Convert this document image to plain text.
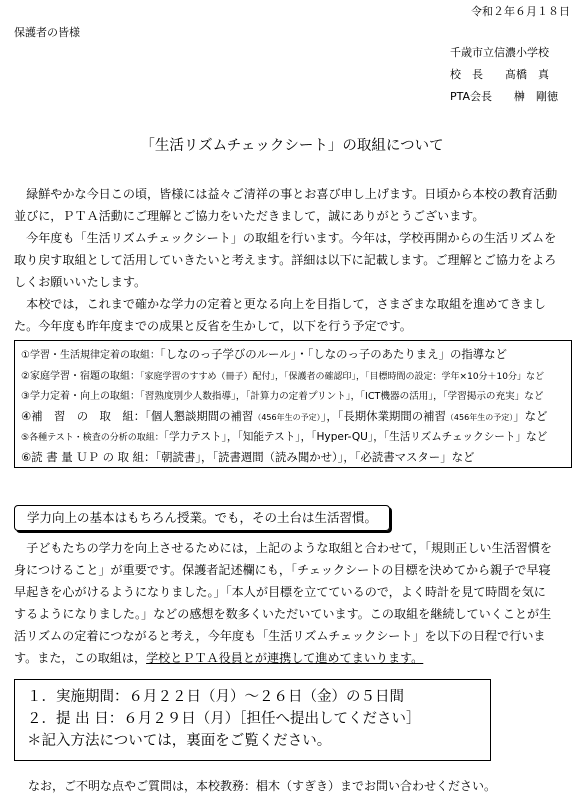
令和２年６月１８日
保護者の皆様
千歳市立信濃小学校
校　長　　髙橋　真
PTA会長　　榊　剛徳
「生活リズムチェックシート」の取組について
緑鮮やかな今日この頃，皆様には益々ご清祥の事とお喜び申し上げます。日頃から本校の教育活動
並びに，ＰＴＡ活動にご理解とご協力をいただきまして，誠にありがとうございます。
今年度も「生活リズムチェックシート」の取組を行います。今年は，学校再開からの生活リズムを
取り戻す取組として活用していきたいと考えます。詳細は以下に記載します。ご理解とご協力をよろ
しくお願いいたします。
本校では，これまで確かな学力の定着と更なる向上を目指して，さまざまな取組を進めてきまし
た。今年度も昨年度までの成果と反省を生かして，以下を行う予定です。
①学習・生活規律定着の取組：「しなのっ子学びのルール」・「しなのっ子のあたりまえ」の指導など
②家庭学習・宿題の取組：「家庭学習のすすめ（冊子）配付」，「保護者の確認印」，「目標時間の設定：学年×10分＋10分」など
③学力定着・向上の取組：「習熟度別少人数指導」，「計算力の定着プリント」，「ICT機器の活用」，「学習掲示の充実」など
④補　習　の　取　組：「個人懇談期間の補習（456年生の予定）」，「長期休業期間の補習（456年生の予定）」など
⑤各種テスト・検査の分析の取組：「学力テスト」，「知能テスト」，「Hyper-QU」，「生活リズムチェックシート」など
⑥読 書 量 ＵＰ の 取 組：「朝読書」，「読書週間（読み聞かせ）」，「必読書マスター」など
学力向上の基本はもちろん授業。でも，その土台は生活習慣。
子どもたちの学力を向上させるためには，上記のような取組と合わせて，「規則正しい生活習慣を
身につけること」が重要です。保護者記述欄にも，「チェックシートの目標を決めてから親子で早寝
早起きを心がけるようになりました。」「本人が目標を立てているので，よく時計を見て時間を気に
するようになりました。」などの感想を数多くいただいています。この取組を継続していくことが生
活リズムの定着につながると考え，今年度も「生活リズムチェックシート」を以下の日程で行いま
す。また，この取組は，学校とＰＴＡ役員とが連携して進めてまいります。
１．実施期間：６月２２日（月）～２６日（金）の５日間
２．提 出 日：６月２９日（月）［担任へ提出してください］
＊記入方法については，裏面をご覧ください。
なお，ご不明な点やご質問は，本校教務：椙木（すぎき）までお問い合わせください。
